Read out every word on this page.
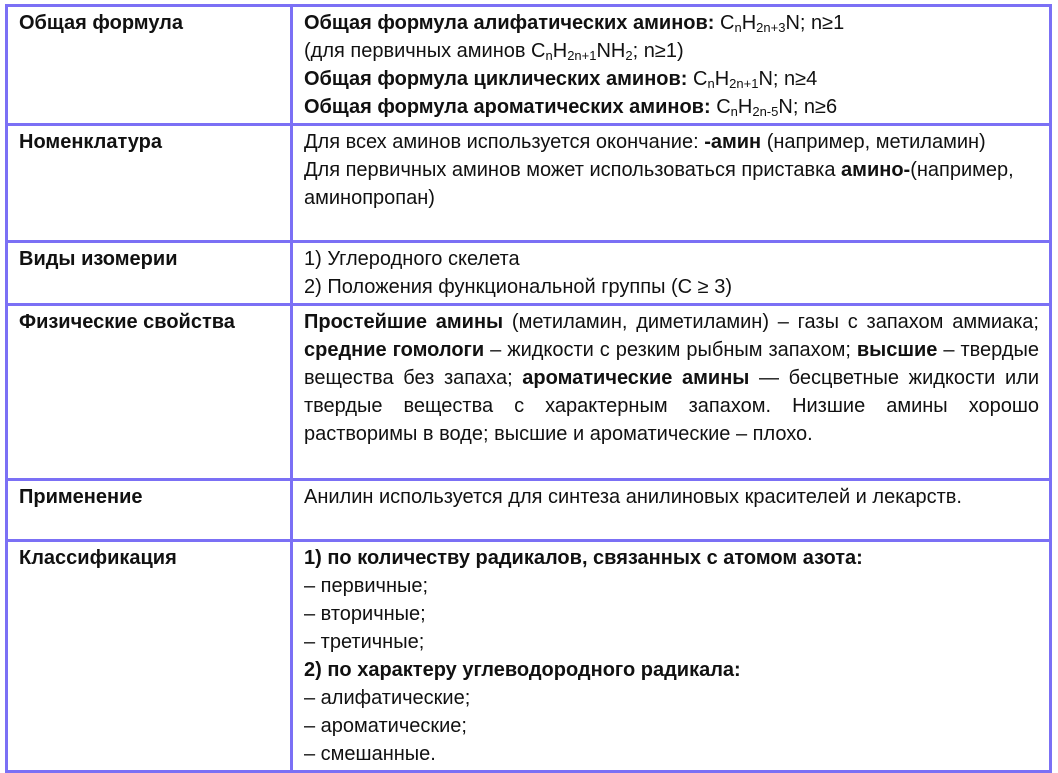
Общая формула	Общая формула алифатических аминов: $C_nH_{2n+3}N$; n≥1
(для первичных аминов $C_nH_{2n+1}NH_2$; n≥1)
Общая формула циклических аминов: $C_nH_{2n+1}N$; n≥4
Общая формула ароматических аминов: $C_nH_{2n-5}N$; n≥6

Номенклатура	Для всех аминов используется окончание: -амин (например, метиламин)
Для первичных аминов может использоваться приставка амино-(например, аминопропан)

Виды изомерии	1) Углеродного скелета
2) Положения функциональной группы (С ≥ 3)

Физические свойства	Простейшие амины (метиламин, диметиламин) – газы с запахом аммиака; средние гомологи – жидкости с резким рыбным запахом; высшие – твердые вещества без запаха; ароматические амины — бесцветные жидкости или твердые вещества с характерным запахом. Низшие амины хорошо растворимы в воде; высшие и ароматические – плохо.
Применение	Анилин используется для синтеза анилиновых красителей и лекарств.
Классификация	1) по количеству радикалов, связанных с атомом азота:
– первичные;
– вторичные;
– третичные;
2) по характеру углеводородного радикала:
– алифатические;
– ароматические;
– смешанные.
